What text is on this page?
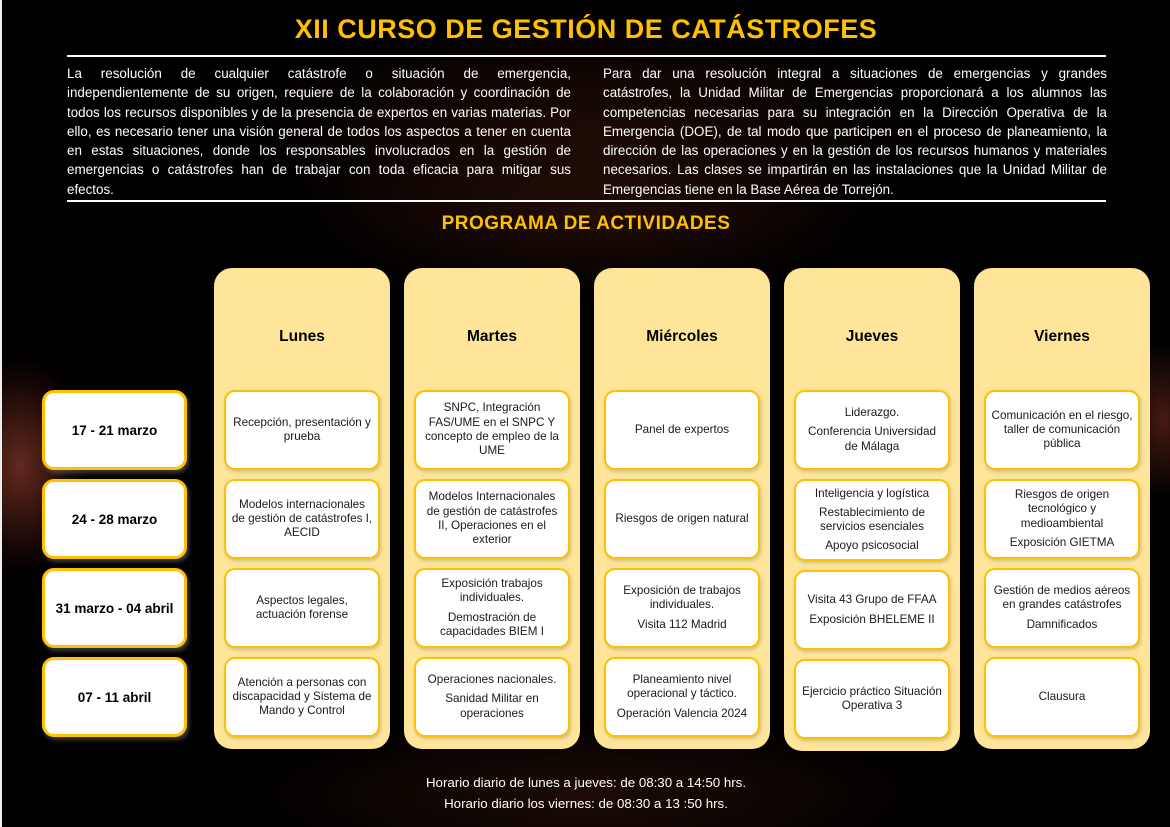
XII CURSO DE GESTIÓN DE CATÁSTROFES

La resolución de cualquier catástrofe o situación de emergencia, independientemente de su origen, requiere de la colaboración y coordinación de todos los recursos disponibles y de la presencia de expertos en varias materias. Por ello, es necesario tener una visión general de todos los aspectos a tener en cuenta en estas situaciones, donde los responsables involucrados en la gestión de emergencias o catástrofes han de trabajar con toda eficacia para mitigar sus efectos.

Para dar una resolución integral a situaciones de emergencias y grandes catástrofes, la Unidad Militar de Emergencias proporcionará a los alumnos las competencias necesarias para su integración en la Dirección Operativa de la Emergencia (DOE), de tal modo que participen en el proceso de planeamiento, la dirección de las operaciones y en la gestión de los recursos humanos y materiales necesarios. Las clases se impartirán en las instalaciones que la Unidad Militar de Emergencias tiene en la Base Aérea de Torrejón.

PROGRAMA DE ACTIVIDADES
17 - 21 marzo
24 - 28 marzo
31 marzo - 04 abril
07 - 11 abril
Lunes

Recepción, presentación y prueba

Modelos internacionales de gestión de catástrofes I, AECID

Aspectos legales, actuación forense

Atención a personas con discapacidad y Sistema de Mando y Control

Martes

SNPC, Integración FAS/UME en el SNPC Y concepto de empleo de la UME

Modelos Internacionales de gestión de catástrofes II, Operaciones en el exterior

Exposición trabajos individuales.

Demostración de capacidades BIEM I

Operaciones nacionales.

Sanidad Militar en operaciones

Miércoles

Panel de expertos

Riesgos de origen natural

Exposición de trabajos individuales.

Visita 112 Madrid

Planeamiento nivel operacional y táctico.

Operación Valencia 2024

Jueves

Liderazgo.

Conferencia Universidad de Málaga

Inteligencia y logística

Restablecimiento de servicios esenciales

Apoyo psicosocial

Visita 43 Grupo de FFAA

Exposición BHELEME II

Ejercicio práctico Situación Operativa 3

Viernes

Comunicación en el riesgo, taller de comunicación pública

Riesgos de origen tecnológico y medioambiental

Exposición GIETMA

Gestión de medios aéreos en grandes catástrofes

Damnificados

Clausura

Horario diario de lunes a jueves: de 08:30 a 14:50 hrs.

Horario diario los viernes: de 08:30 a 13 :50 hrs.
